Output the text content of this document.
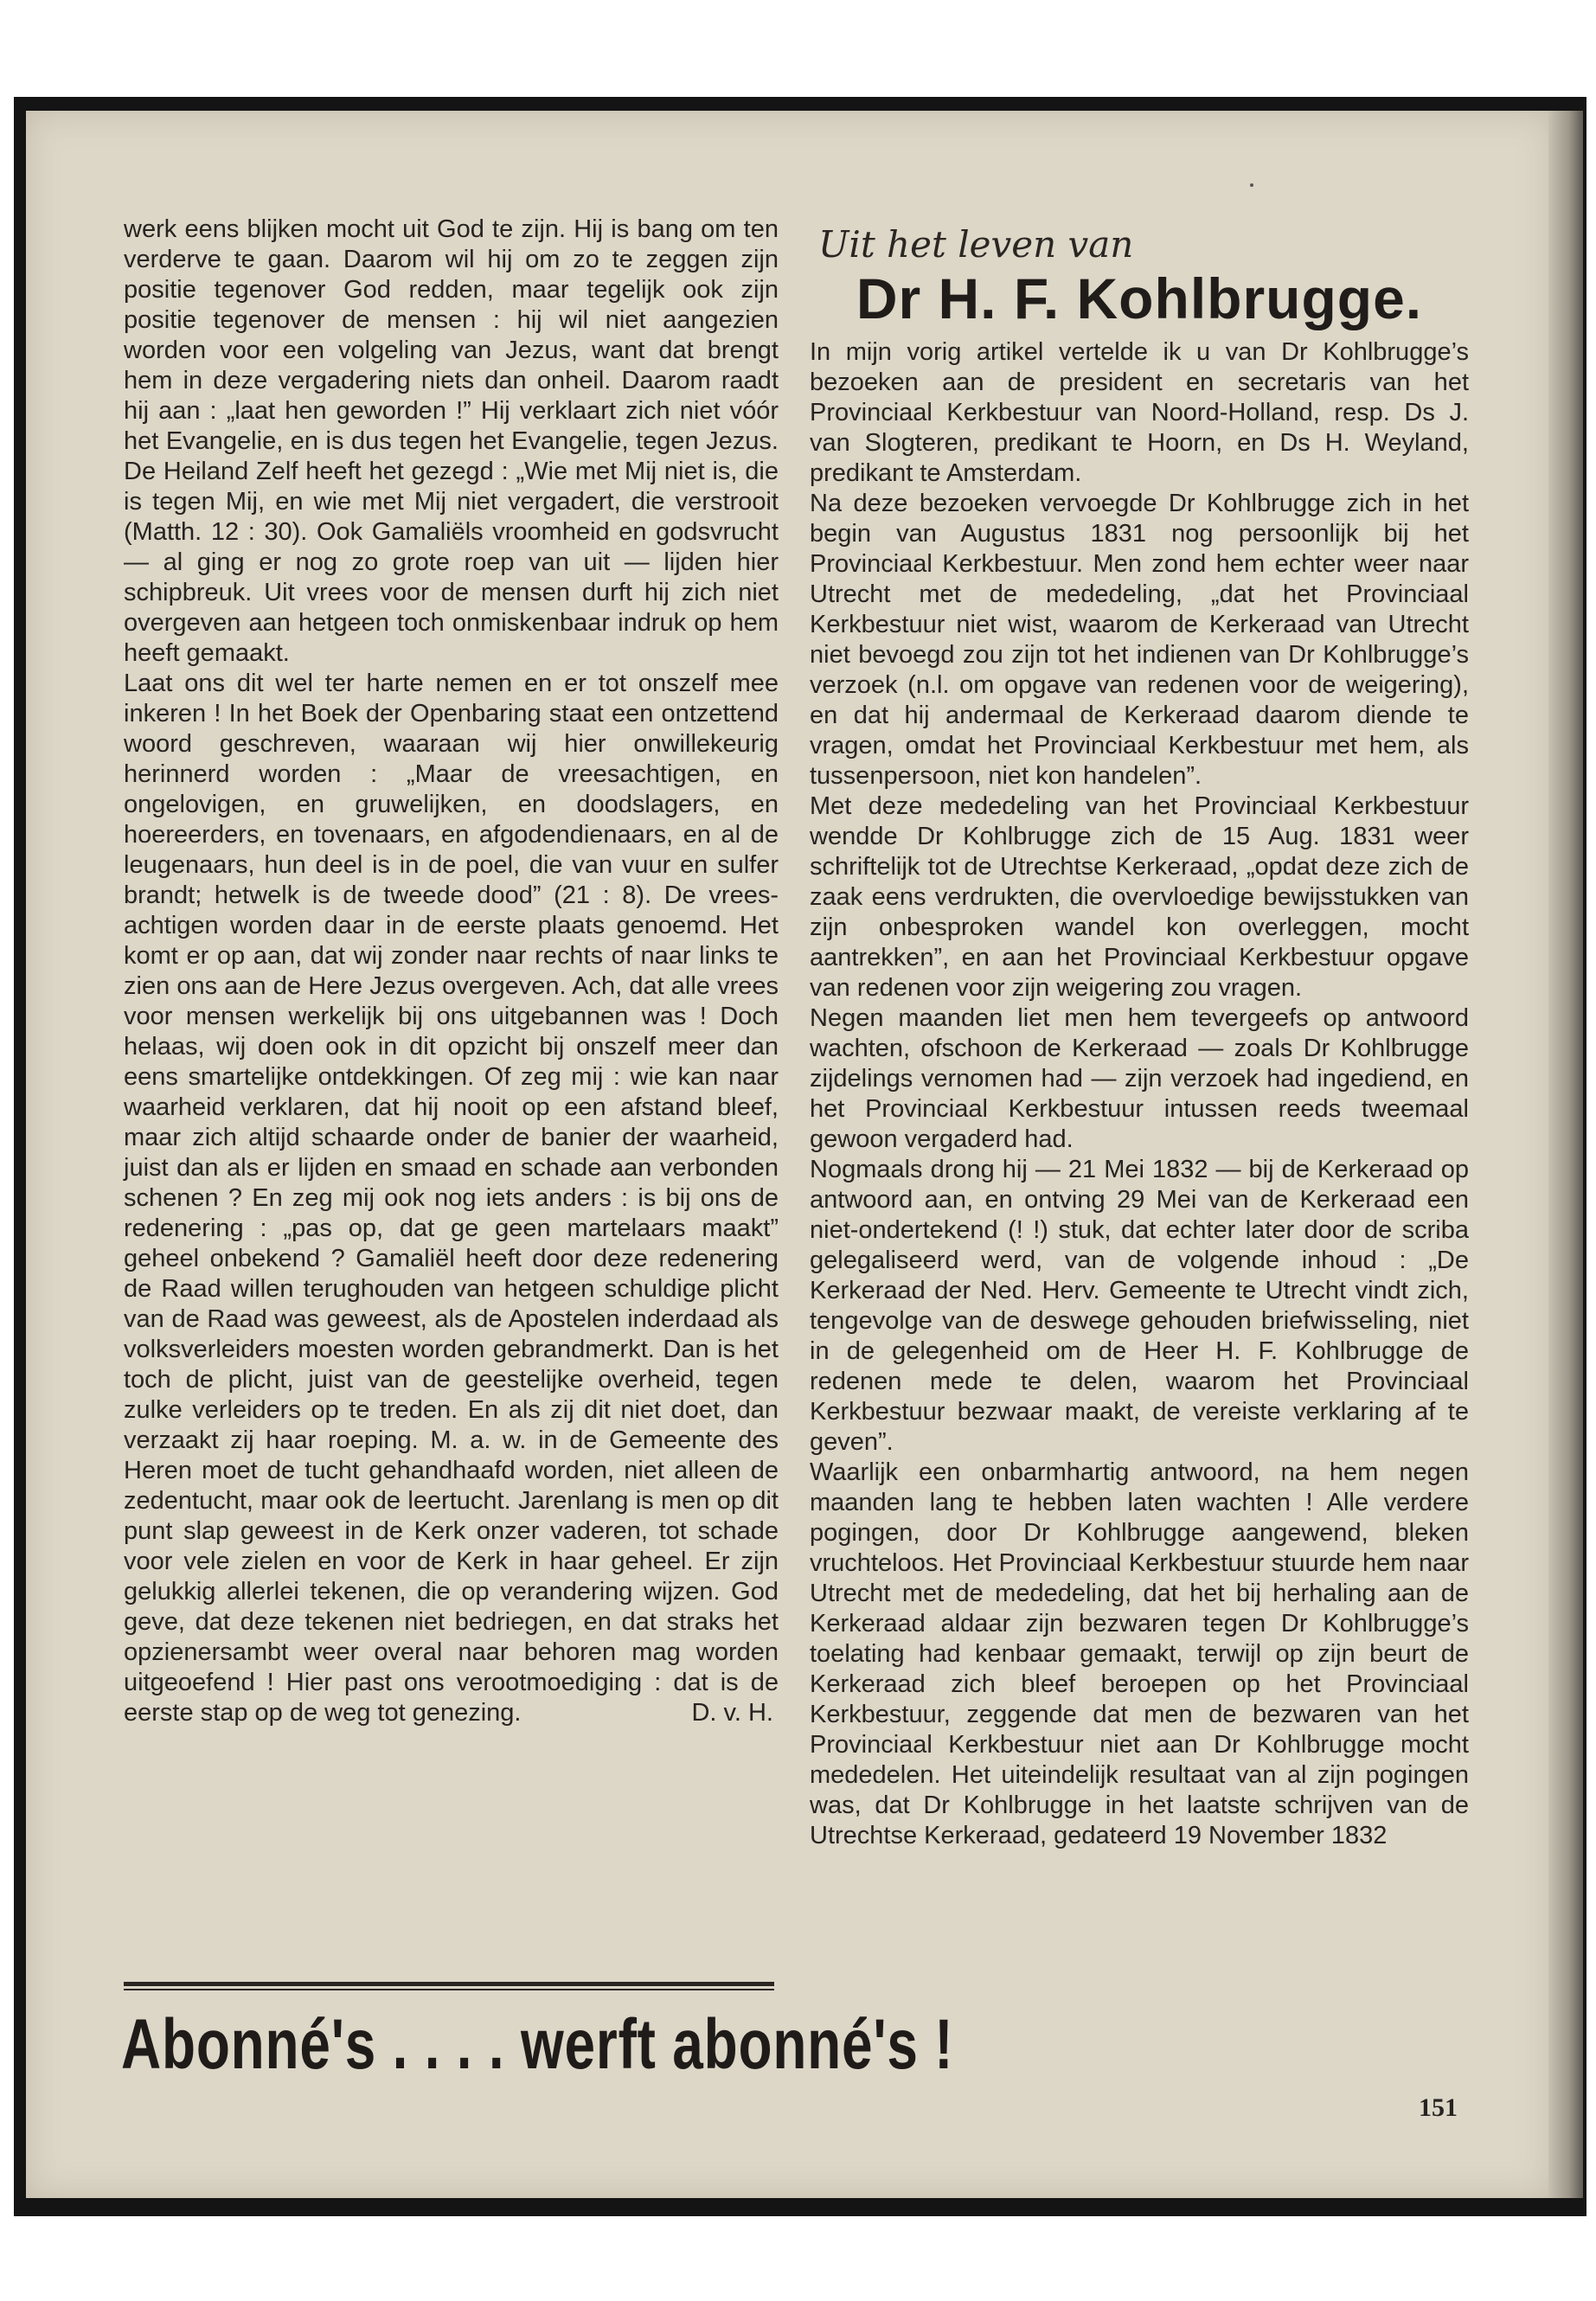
werk eens blijken mocht uit God te zijn. Hij is bang om ten verderve te gaan. Daarom wil hij om zo te zeggen zijn positie tegenover God redden, maar tegelijk ook zijn positie tegenover de mensen : hij wil niet aangezien worden voor een volgeling van Jezus, want dat brengt hem in deze vergadering niets dan onheil. Daarom raadt hij aan : „laat hen geworden !” Hij verklaart zich niet vóór het Evangelie, en is dus tegen het Evangelie, tegen Jezus. De Heiland Zelf heeft het gezegd : „Wie met Mij niet is, die is tegen Mij, en wie met Mij niet vergadert, die verstrooit (Matth. 12 : 30). Ook Gamaliëls vroomheid en godsvrucht — al ging er nog zo grote roep van uit — lijden hier schipbreuk. Uit vrees voor de mensen durft hij zich niet overgeven aan hetgeen toch onmiskenbaar indruk op hem heeft gemaakt.

Laat ons dit wel ter harte nemen en er tot onszelf mee inkeren ! In het Boek der Openbaring staat een ontzettend woord geschreven, waaraan wij hier onwillekeurig herinnerd worden : „Maar de vreesachtigen, en ongelovigen, en gruwelijken, en doodslagers, en hoereerders, en tovenaars, en afgodendienaars, en al de leugenaars, hun deel is in de poel, die van vuur en sulfer brandt; hetwelk is de tweede dood” (21 : 8). De vreesachtigen worden daar in de eerste plaats genoemd. Het komt er op aan, dat wij zonder naar rechts of naar links te zien ons aan de Here Jezus overgeven. Ach, dat alle vrees voor mensen werkelijk bij ons uitgebannen was ! Doch helaas, wij doen ook in dit opzicht bij onszelf meer dan eens smartelijke ontdekkingen. Of zeg mij : wie kan naar waarheid verklaren, dat hij nooit op een afstand bleef, maar zich altijd schaarde onder de banier der waarheid, juist dan als er lijden en smaad en schade aan verbonden schenen ? En zeg mij ook nog iets anders : is bij ons de redenering : „pas op, dat ge geen martelaars maakt” geheel onbekend ? Gamaliël heeft door deze redenering de Raad willen terughouden van hetgeen schuldige plicht van de Raad was geweest, als de Apostelen inderdaad als volksverleiders moesten worden gebrandmerkt. Dan is het toch de plicht, juist van de geestelijke overheid, tegen zulke verleiders op te treden. En als zij dit niet doet, dan verzaakt zij haar roeping. M. a. w. in de Gemeente des Heren moet de tucht gehandhaafd worden, niet alleen de zedentucht, maar ook de leertucht. Jarenlang is men op dit punt slap geweest in de Kerk onzer vaderen, tot schade voor vele zielen en voor de Kerk in haar geheel. Er zijn gelukkig allerlei tekenen, die op verandering wijzen. God geve, dat deze tekenen niet bedriegen, en dat straks het opzienersambt weer overal naar behoren mag worden uitgeoefend ! Hier past ons verootmoediging : dat is de eerste stap op de weg tot genezing.	D. v. H.
Abonné's . . . . werft abonné's !
Uit het leven van
Dr H. F. Kohlbrugge.

In mijn vorig artikel vertelde ik u van Dr Kohlbrugge’s bezoeken aan de president en secretaris van het Provinciaal Kerkbestuur van Noord-Holland, resp. Ds J. van Slogteren, predikant te Hoorn, en Ds H. Weyland, predikant te Amsterdam.

Na deze bezoeken vervoegde Dr Kohlbrugge zich in het begin van Augustus 1831 nog persoonlijk bij het Provinciaal Kerkbestuur. Men zond hem echter weer naar Utrecht met de mededeling, „dat het Provinciaal Kerkbestuur niet wist, waarom de Kerkeraad van Utrecht niet bevoegd zou zijn tot het indienen van Dr Kohlbrugge’s verzoek (n.l. om opgave van redenen voor de weigering), en dat hij andermaal de Kerkeraad daarom diende te vragen, omdat het Provinciaal Kerkbestuur met hem, als tussenpersoon, niet kon handelen”.

Met deze mededeling van het Provinciaal Kerkbestuur wendde Dr Kohlbrugge zich de 15 Aug. 1831 weer schriftelijk tot de Utrechtse Kerkeraad, „opdat deze zich de zaak eens verdrukten, die overvloedige bewijsstukken van zijn onbesproken wandel kon overleggen, mocht aantrekken”, en aan het Provinciaal Kerkbestuur opgave van redenen voor zijn weigering zou vragen.

Negen maanden liet men hem tevergeefs op antwoord wachten, ofschoon de Kerkeraad — zoals Dr Kohlbrugge zijdelings vernomen had — zijn verzoek had ingediend, en het Provinciaal Kerkbestuur intussen reeds tweemaal gewoon vergaderd had.

Nogmaals drong hij — 21 Mei 1832 — bij de Kerkeraad op antwoord aan, en ontving 29 Mei van de Kerkeraad een niet-ondertekend (! !) stuk, dat echter later door de scriba gelegaliseerd werd, van de volgende inhoud : „De Kerkeraad der Ned. Herv. Gemeente te Utrecht vindt zich, tengevolge van de deswege gehouden briefwisseling, niet in de gelegenheid om de Heer H. F. Kohlbrugge de redenen mede te delen, waarom het Provinciaal Kerkbestuur bezwaar maakt, de vereiste verklaring af te geven”.

Waarlijk een onbarmhartig antwoord, na hem negen maanden lang te hebben laten wachten ! Alle verdere pogingen, door Dr Kohlbrugge aangewend, bleken vruchteloos. Het Provinciaal Kerkbestuur stuurde hem naar Utrecht met de mededeling, dat het bij herhaling aan de Kerkeraad aldaar zijn bezwaren tegen Dr Kohlbrugge’s toelating had kenbaar gemaakt, terwijl op zijn beurt de Kerkeraad zich bleef beroepen op het Provinciaal Kerkbestuur, zeggende dat men de bezwaren van het Provinciaal Kerkbestuur niet aan Dr Kohlbrugge mocht mededelen. Het uiteindelijk resultaat van al zijn pogingen was, dat Dr Kohlbrugge in het laatste schrijven van de Utrechtse Kerkeraad, gedateerd 19 November 1832

151
